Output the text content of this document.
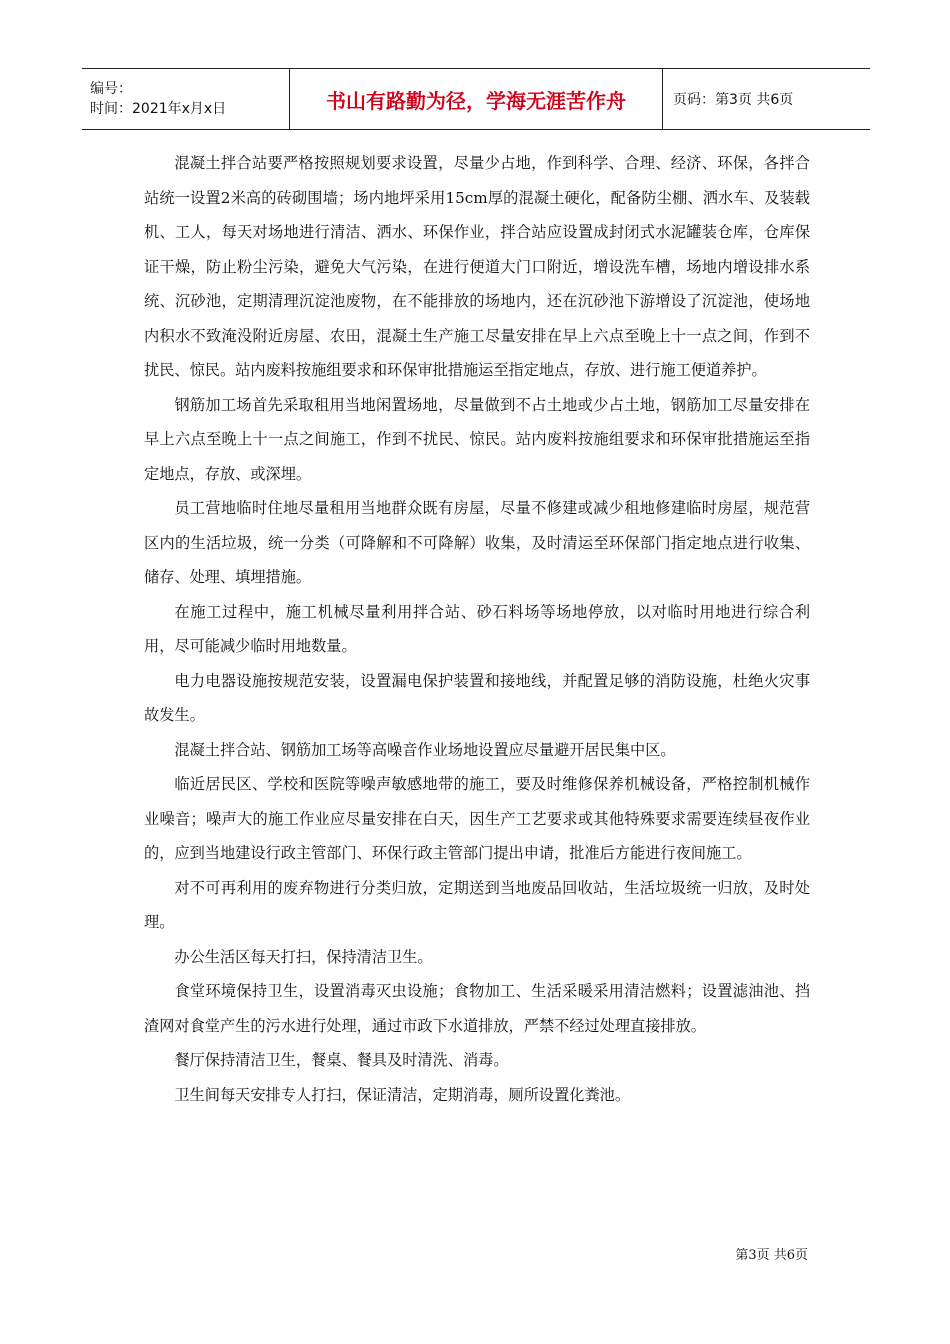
编号：
时间：2021年x月x日	书山有路勤为径，学海无涯苦作舟	页码：第3页 共6页

混凝土拌合站要严格按照规划要求设置，尽量少占地，作到科学、合理、经济、环保，各拌合站统一设置2米高的砖砌围墙；场内地坪采用15cm厚的混凝土硬化，配备防尘棚、洒水车、及装载机、工人，每天对场地进行清洁、洒水、环保作业，拌合站应设置成封闭式水泥罐装仓库，仓库保证干燥，防止粉尘污染，避免大气污染，在进行便道大门口附近，增设洗车槽，场地内增设排水系统、沉砂池，定期清理沉淀池废物，在不能排放的场地内，还在沉砂池下游增设了沉淀池，使场地内积水不致淹没附近房屋、农田，混凝土生产施工尽量安排在早上六点至晚上十一点之间，作到不扰民、惊民。站内废料按施组要求和环保审批措施运至指定地点，存放、进行施工便道养护。

钢筋加工场首先采取租用当地闲置场地，尽量做到不占土地或少占土地，钢筋加工尽量安排在早上六点至晚上十一点之间施工，作到不扰民、惊民。站内废料按施组要求和环保审批措施运至指定地点，存放、或深埋。

员工营地临时住地尽量租用当地群众既有房屋，尽量不修建或减少租地修建临时房屋，规范营区内的生活垃圾，统一分类（可降解和不可降解）收集，及时清运至环保部门指定地点进行收集、储存、处理、填埋措施。

在施工过程中，施工机械尽量利用拌合站、砂石料场等场地停放，以对临时用地进行综合利用，尽可能减少临时用地数量。

电力电器设施按规范安装，设置漏电保护装置和接地线，并配置足够的消防设施，杜绝火灾事故发生。

混凝土拌合站、钢筋加工场等高噪音作业场地设置应尽量避开居民集中区。

临近居民区、学校和医院等噪声敏感地带的施工，要及时维修保养机械设备，严格控制机械作业噪音；噪声大的施工作业应尽量安排在白天，因生产工艺要求或其他特殊要求需要连续昼夜作业的，应到当地建设行政主管部门、环保行政主管部门提出申请，批准后方能进行夜间施工。

对不可再利用的废弃物进行分类归放，定期送到当地废品回收站，生活垃圾统一归放，及时处理。

办公生活区每天打扫，保持清洁卫生。

食堂环境保持卫生，设置消毒灭虫设施；食物加工、生活采暖采用清洁燃料；设置滤油池、挡渣网对食堂产生的污水进行处理，通过市政下水道排放，严禁不经过处理直接排放。

餐厅保持清洁卫生，餐桌、餐具及时清洗、消毒。

卫生间每天安排专人打扫，保证清洁，定期消毒，厕所设置化粪池。

第3页 共6页
